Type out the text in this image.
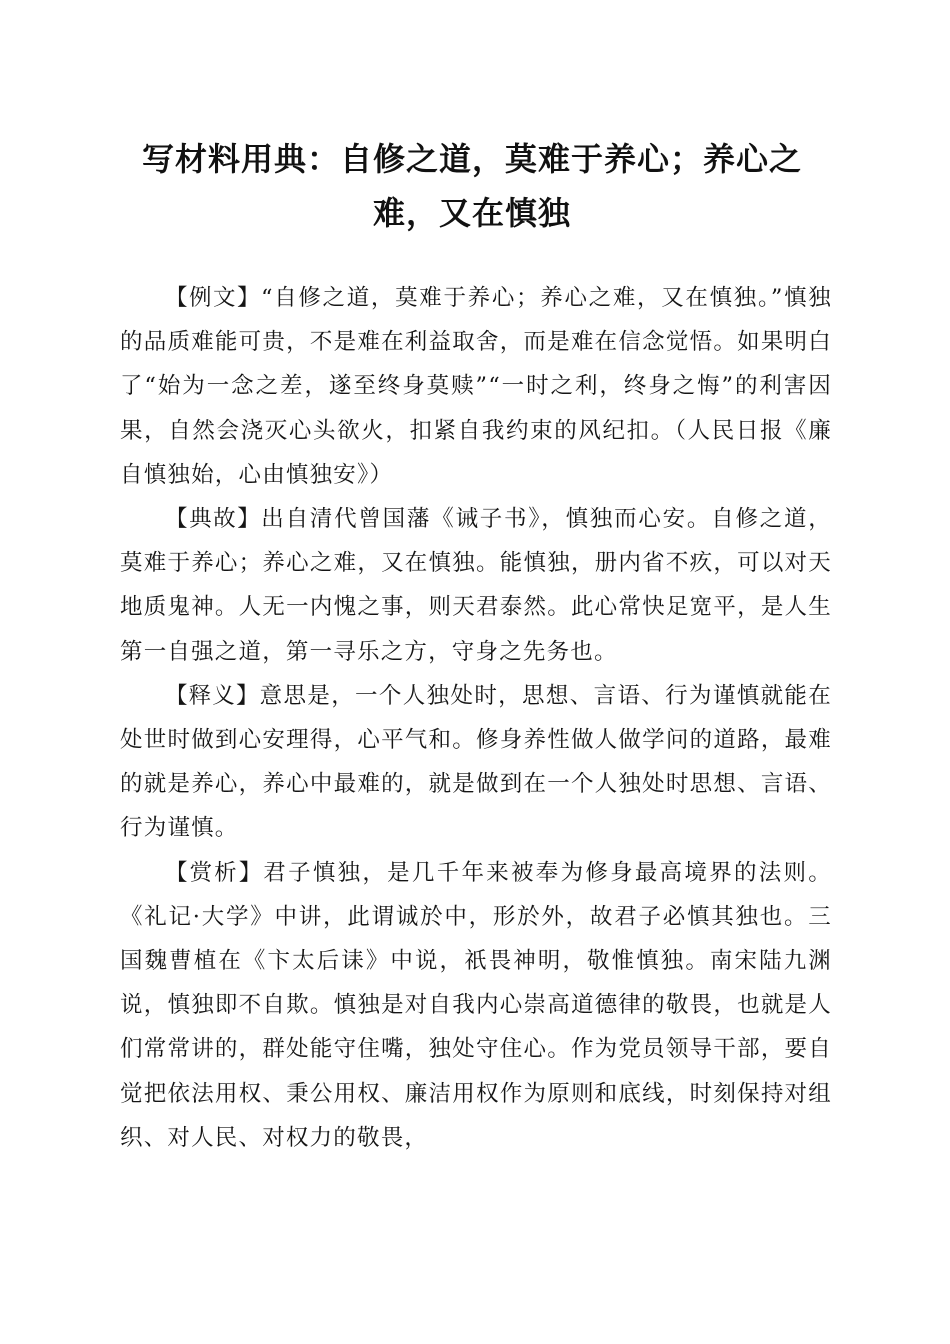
写材料用典：自修之道，莫难于养心；养心之难，又在慎独

【例文】“自修之道，莫难于养心；养心之难，又在慎独。”慎独的品质难能可贵，不是难在利益取舍，而是难在信念觉悟。如果明白了“始为一念之差，遂至终身莫赎”“一时之利，终身之悔”的利害因果，自然会浇灭心头欲火，扣紧自我约束的风纪扣。（人民日报《廉自慎独始，心由慎独安》）

【典故】出自清代曾国藩《诫子书》，慎独而心安。自修之道，莫难于养心；养心之难，又在慎独。能慎独，册内省不疚，可以对天地质鬼神。人无一内愧之事，则天君泰然。此心常快足宽平，是人生第一自强之道，第一寻乐之方，守身之先务也。

【释义】意思是，一个人独处时，思想、言语、行为谨慎就能在处世时做到心安理得，心平气和。修身养性做人做学问的道路，最难的就是养心，养心中最难的，就是做到在一个人独处时思想、言语、行为谨慎。

【赏析】君子慎独，是几千年来被奉为修身最高境界的法则。《礼记·大学》中讲，此谓诚於中，形於外，故君子必慎其独也。三国魏曹植在《卞太后诔》中说，祇畏神明，敬惟慎独。南宋陆九渊说，慎独即不自欺。慎独是对自我内心崇高道德律的敬畏，也就是人们常常讲的，群处能守住嘴，独处守住心。作为党员领导干部，要自觉把依法用权、秉公用权、廉洁用权作为原则和底线，时刻保持对组织、对人民、对权力的敬畏，
